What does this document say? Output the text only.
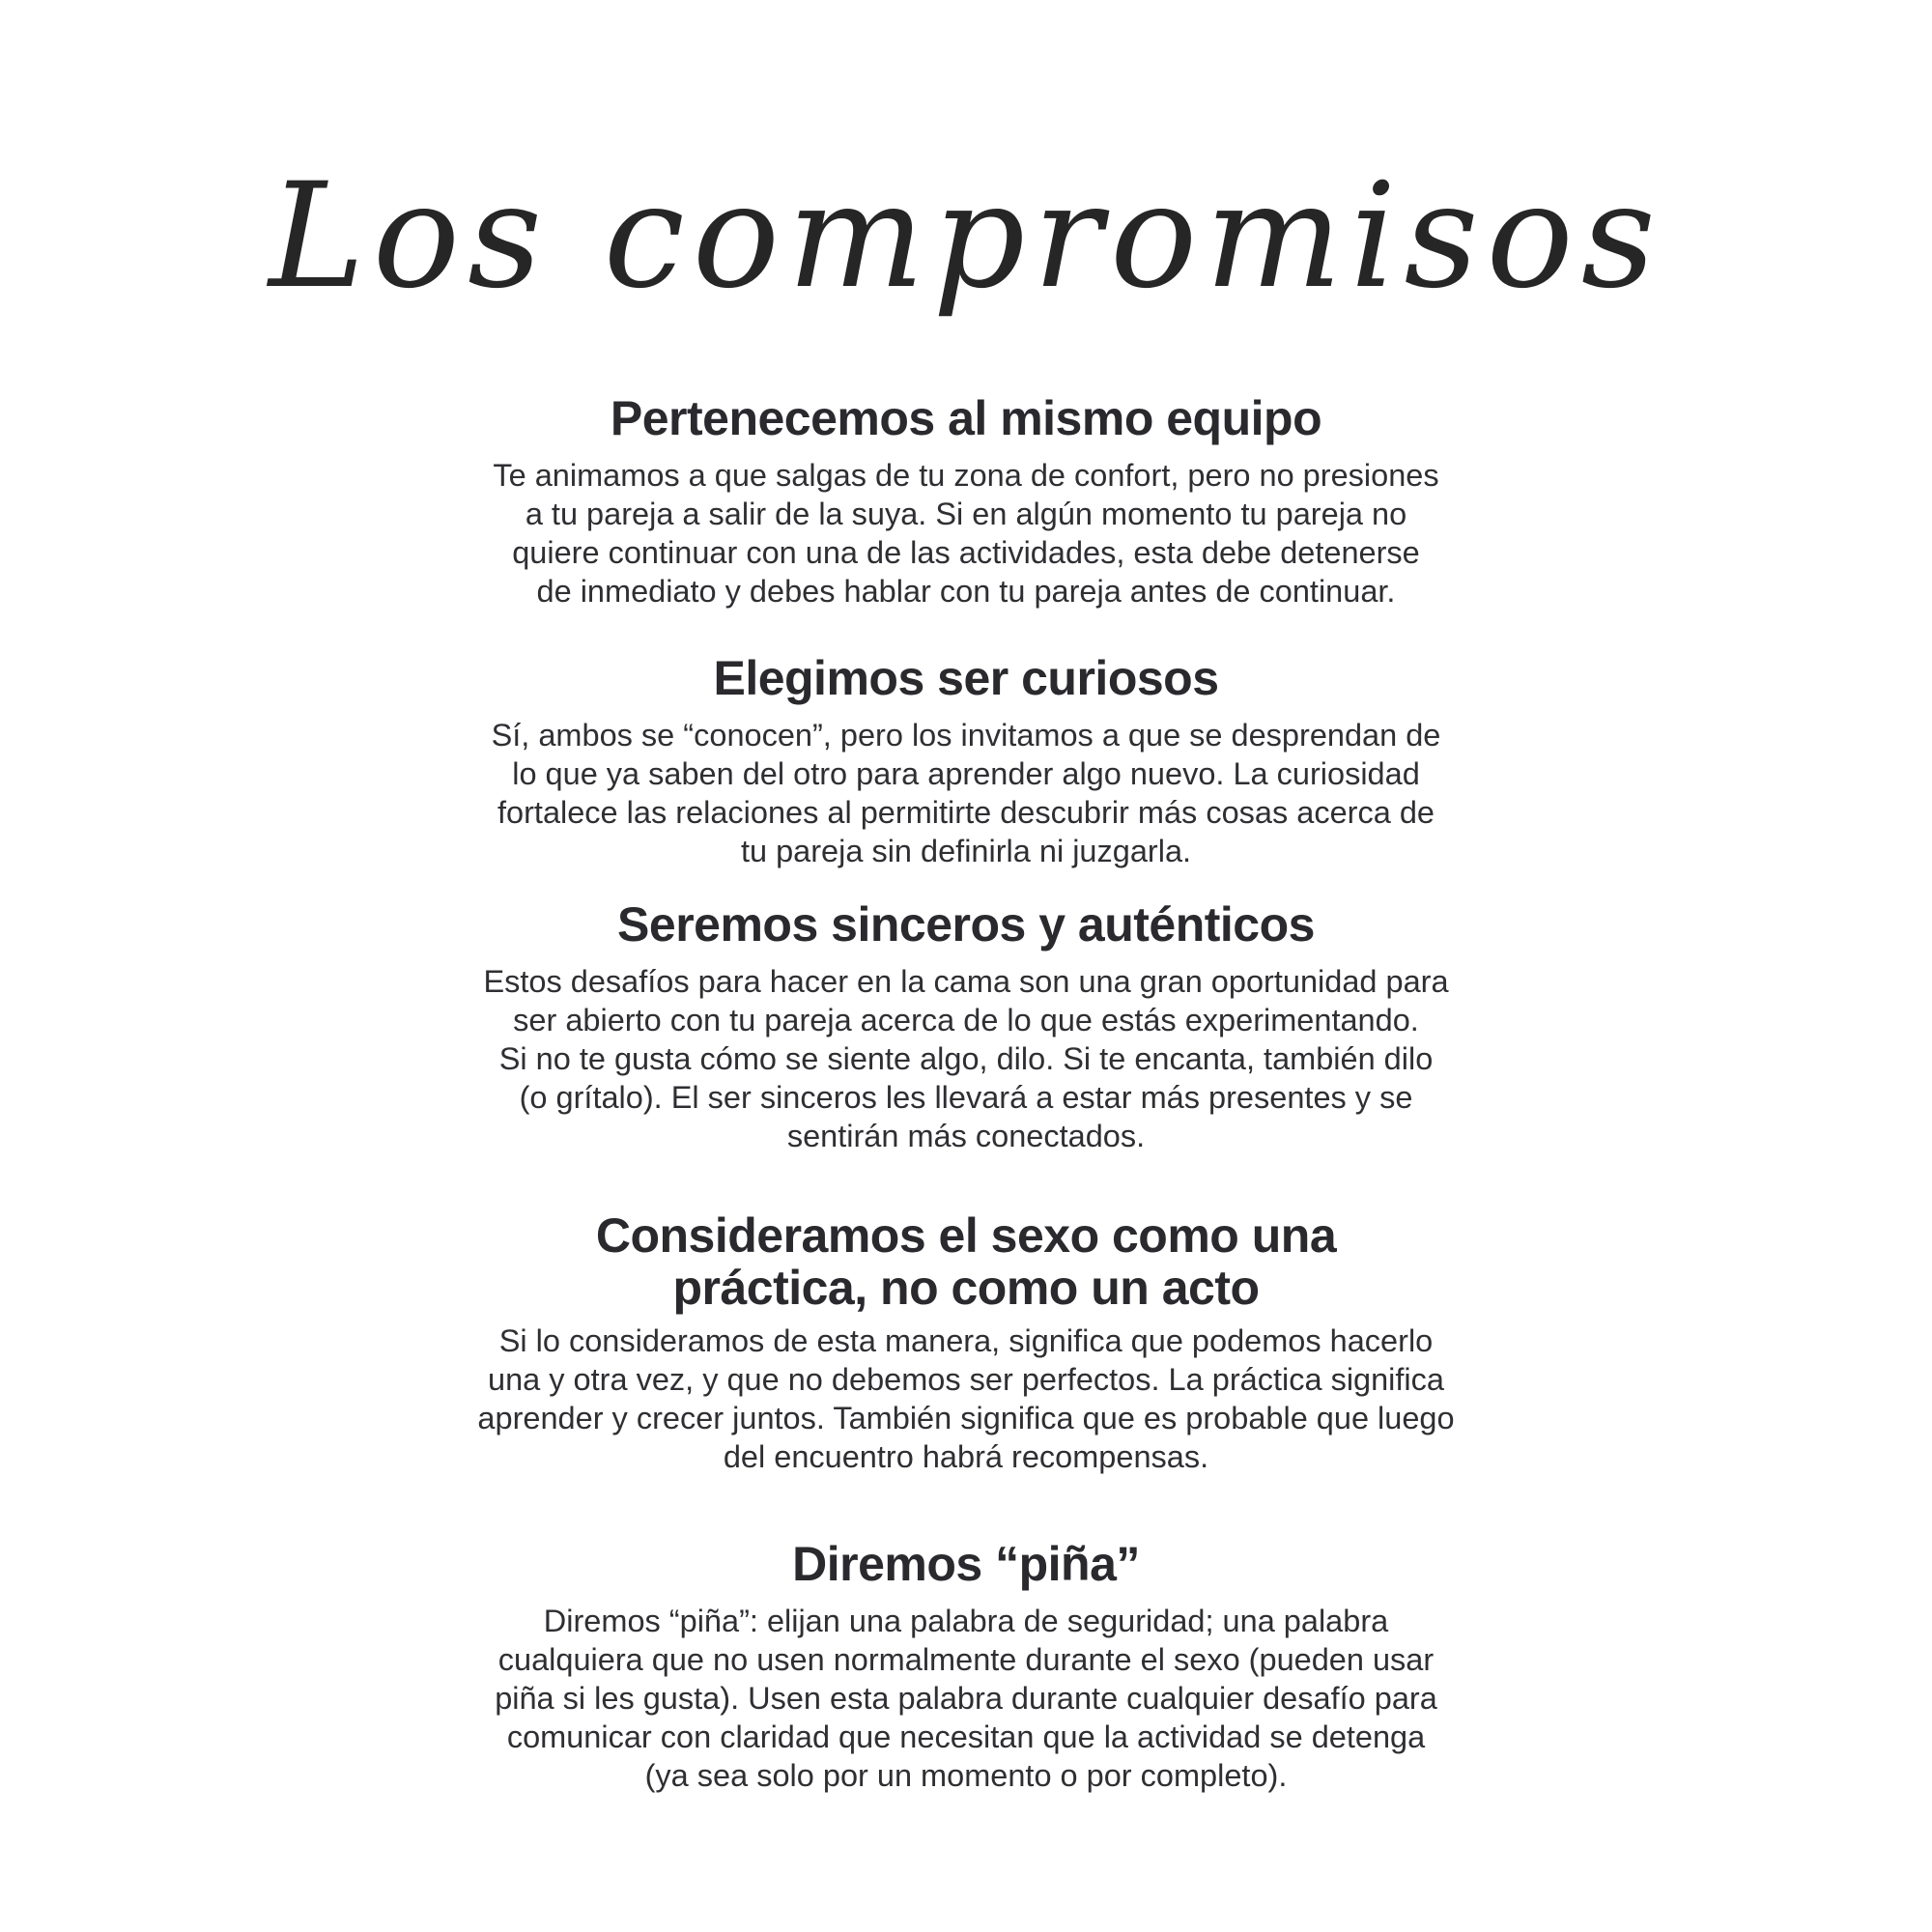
Los compromisos
Pertenecemos al mismo equipo

Te animamos a que salgas de tu zona de confort, pero no presiones
a tu pareja a salir de la suya. Si en algún momento tu pareja no
quiere continuar con una de las actividades, esta debe detenerse
de inmediato y debes hablar con tu pareja antes de continuar.

Elegimos ser curiosos

Sí, ambos se “conocen”, pero los invitamos a que se desprendan de
lo que ya saben del otro para aprender algo nuevo. La curiosidad
fortalece las relaciones al permitirte descubrir más cosas acerca de
tu pareja sin definirla ni juzgarla.

Seremos sinceros y auténticos

Estos desafíos para hacer en la cama son una gran oportunidad para
ser abierto con tu pareja acerca de lo que estás experimentando.
Si no te gusta cómo se siente algo, dilo. Si te encanta, también dilo
(o grítalo). El ser sinceros les llevará a estar más presentes y se
sentirán más conectados.

Consideramos el sexo como una
práctica, no como un acto

Si lo consideramos de esta manera, significa que podemos hacerlo
una y otra vez, y que no debemos ser perfectos. La práctica significa
aprender y crecer juntos. También significa que es probable que luego
del encuentro habrá recompensas.

Diremos “piña”

Diremos “piña”: elijan una palabra de seguridad; una palabra
cualquiera que no usen normalmente durante el sexo (pueden usar
piña si les gusta). Usen esta palabra durante cualquier desafío para
comunicar con claridad que necesitan que la actividad se detenga
(ya sea solo por un momento o por completo).
